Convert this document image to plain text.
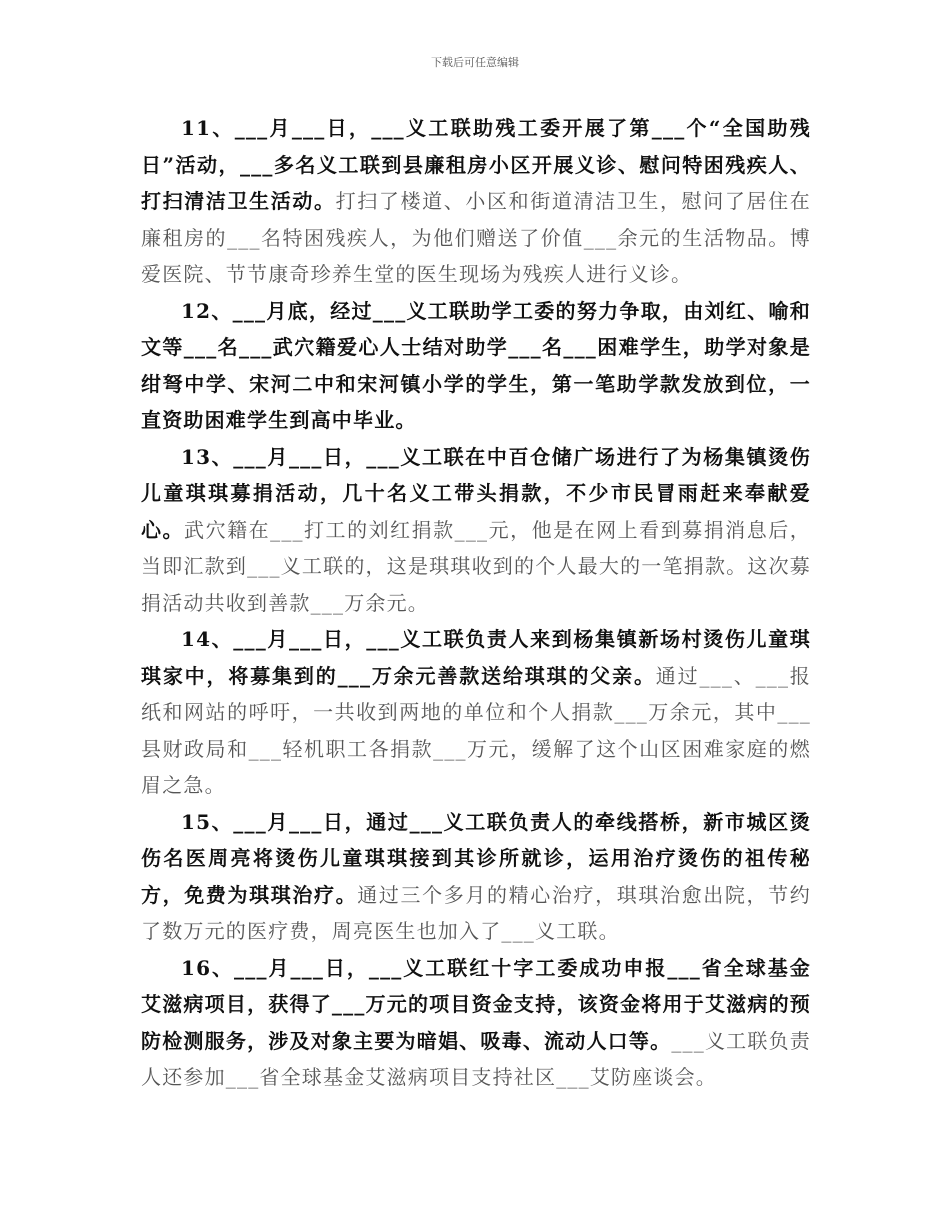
下载后可任意编辑

11、___月___日，___义工联助残工委开展了第___个“全国助残日”活动，___多名义工联到县廉租房小区开展义诊、慰问特困残疾人、打扫清洁卫生活动。打扫了楼道、小区和街道清洁卫生，慰问了居住在廉租房的___名特困残疾人，为他们赠送了价值___余元的生活物品。博爱医院、节节康奇珍养生堂的医生现场为残疾人进行义诊。

12、___月底，经过___义工联助学工委的努力争取，由刘红、喻和文等___名___武穴籍爱心人士结对助学___名___困难学生，助学对象是绀弩中学、宋河二中和宋河镇小学的学生，第一笔助学款发放到位，一直资助困难学生到高中毕业。

13、___月___日，___义工联在中百仓储广场进行了为杨集镇烫伤儿童琪琪募捐活动，几十名义工带头捐款，不少市民冒雨赶来奉献爱心。武穴籍在___打工的刘红捐款___元，他是在网上看到募捐消息后，当即汇款到___义工联的，这是琪琪收到的个人最大的一笔捐款。这次募捐活动共收到善款___万余元。

14、___月___日，___义工联负责人来到杨集镇新场村烫伤儿童琪琪家中，将募集到的___万余元善款送给琪琪的父亲。通过___、___报纸和网站的呼吁，一共收到两地的单位和个人捐款___万余元，其中___县财政局和___轻机职工各捐款___万元，缓解了这个山区困难家庭的燃眉之急。

15、___月___日，通过___义工联负责人的牵线搭桥，新市城区烫伤名医周亮将烫伤儿童琪琪接到其诊所就诊，运用治疗烫伤的祖传秘方，免费为琪琪治疗。通过三个多月的精心治疗，琪琪治愈出院，节约了数万元的医疗费，周亮医生也加入了___义工联。

16、___月___日，___义工联红十字工委成功申报___省全球基金艾滋病项目，获得了___万元的项目资金支持，该资金将用于艾滋病的预防检测服务，涉及对象主要为暗娼、吸毒、流动人口等。___义工联负责人还参加___省全球基金艾滋病项目支持社区___艾防座谈会。
